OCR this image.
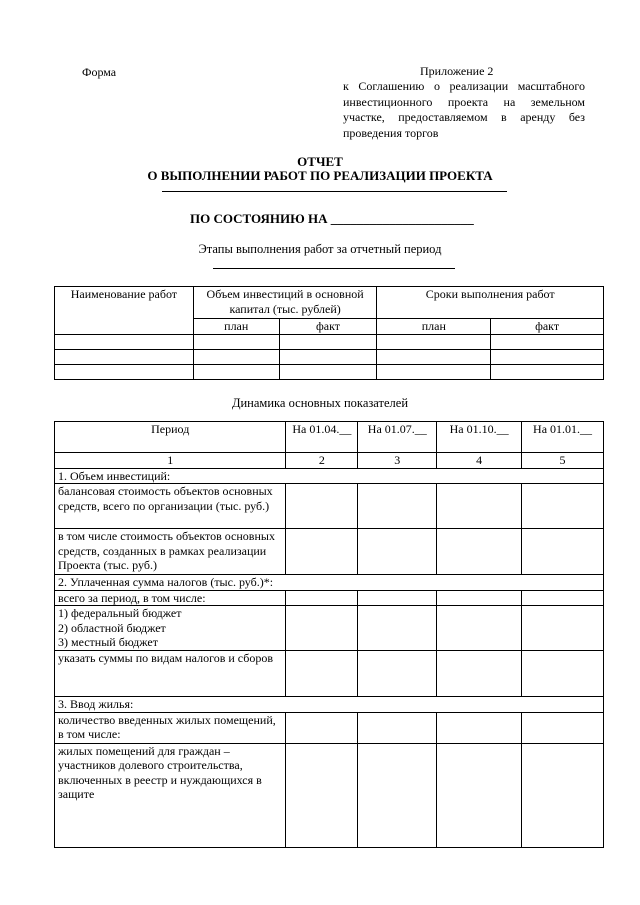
Форма	Приложение 2
к Соглашению о реализации масштабного инвестиционного проекта на земельном участке, предоставляемом в аренду без проведения торгов
ОТЧЕТ
О ВЫПОЛНЕНИИ РАБОТ ПО РЕАЛИЗАЦИИ ПРОЕКТА
ПО СОСТОЯНИЮ НА ______________________
Этапы выполнения работ за отчетный период
Наименование работ	Объем инвестиций в основной капитал (тыс. рублей)		Сроки выполнения работ	
	план	факт	план	факт

Динамика основных показателей
Период	На 01.04.__	На 01.07.__	На 01.10.__	На 01.01.__
1	2	3	4	5
1. Объем инвестиций:				
балансовая стоимость объектов основных средств, всего по организации (тыс. руб.)				
в том числе стоимость объектов основных средств, созданных в рамках реализации Проекта (тыс. руб.)				
2. Уплаченная сумма налогов (тыс. руб.)*:				
всего за период, в том числе:				

1) федеральный бюджет
2) областной бюджет
3) местный бюджет				

указать суммы по видам налогов и сборов				
3. Ввод жилья:				
количество введенных жилых помещений, в том числе:				
жилых помещений для граждан – участников долевого строительства, включенных в реестр и нуждающихся в защите				
